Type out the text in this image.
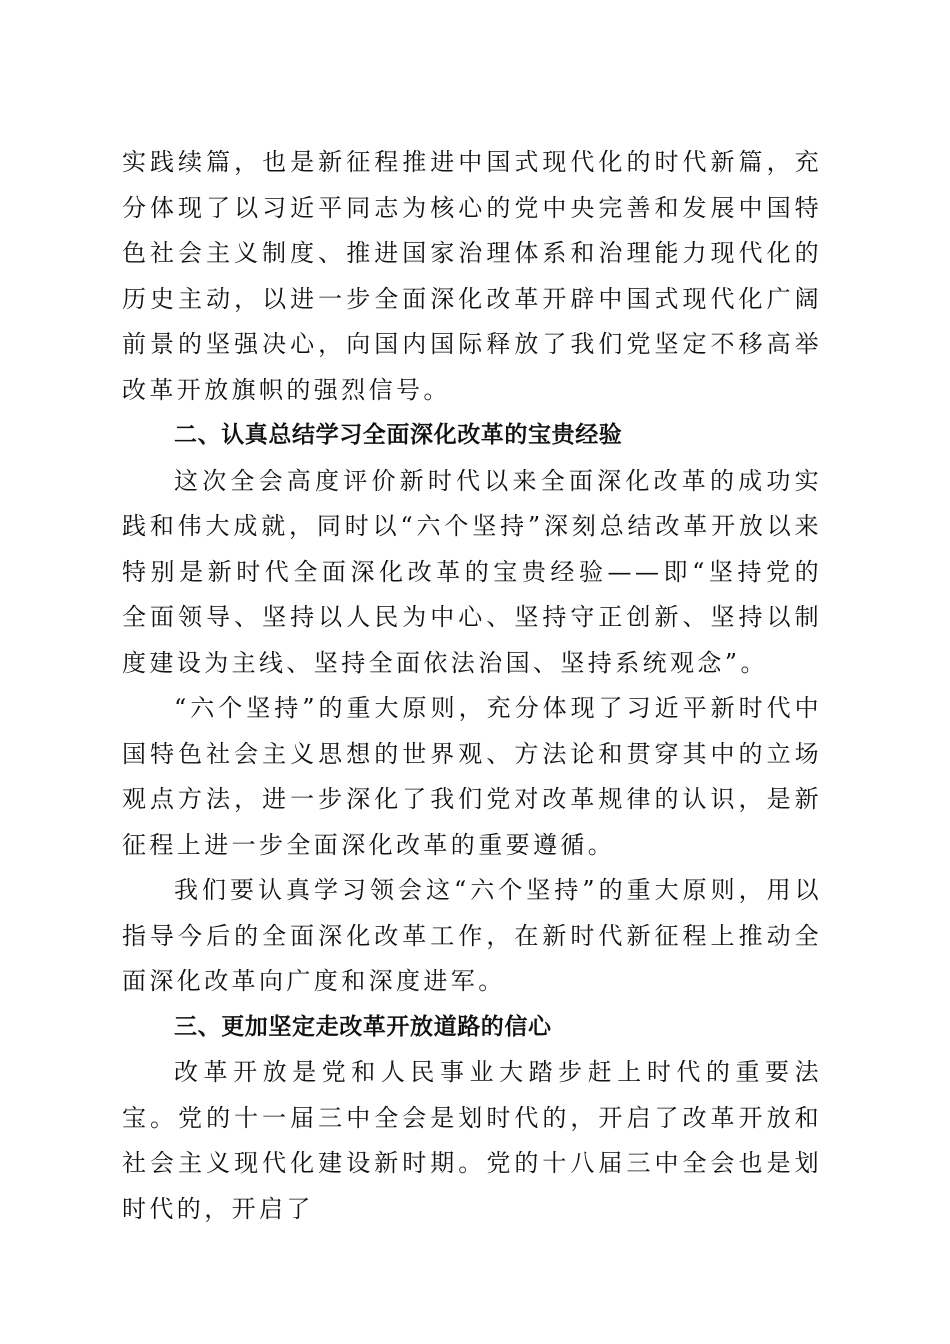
实践续篇，也是新征程推进中国式现代化的时代新篇，充分体现了以习近平同志为核心的党中央完善和发展中国特色社会主义制度、推进国家治理体系和治理能力现代化的历史主动，以进一步全面深化改革开辟中国式现代化广阔前景的坚强决心，向国内国际释放了我们党坚定不移高举改革开放旗帜的强烈信号。

二、认真总结学习全面深化改革的宝贵经验

这次全会高度评价新时代以来全面深化改革的成功实践和伟大成就，同时以“六个坚持”深刻总结改革开放以来特别是新时代全面深化改革的宝贵经验——即“坚持党的全面领导、坚持以人民为中心、坚持守正创新、坚持以制度建设为主线、坚持全面依法治国、坚持系统观念”。

“六个坚持”的重大原则，充分体现了习近平新时代中国特色社会主义思想的世界观、方法论和贯穿其中的立场观点方法，进一步深化了我们党对改革规律的认识，是新征程上进一步全面深化改革的重要遵循。

我们要认真学习领会这“六个坚持”的重大原则，用以指导今后的全面深化改革工作，在新时代新征程上推动全面深化改革向广度和深度进军。

三、更加坚定走改革开放道路的信心

改革开放是党和人民事业大踏步赶上时代的重要法宝。党的十一届三中全会是划时代的，开启了改革开放和社会主义现代化建设新时期。党的十八届三中全会也是划时代的，开启了
